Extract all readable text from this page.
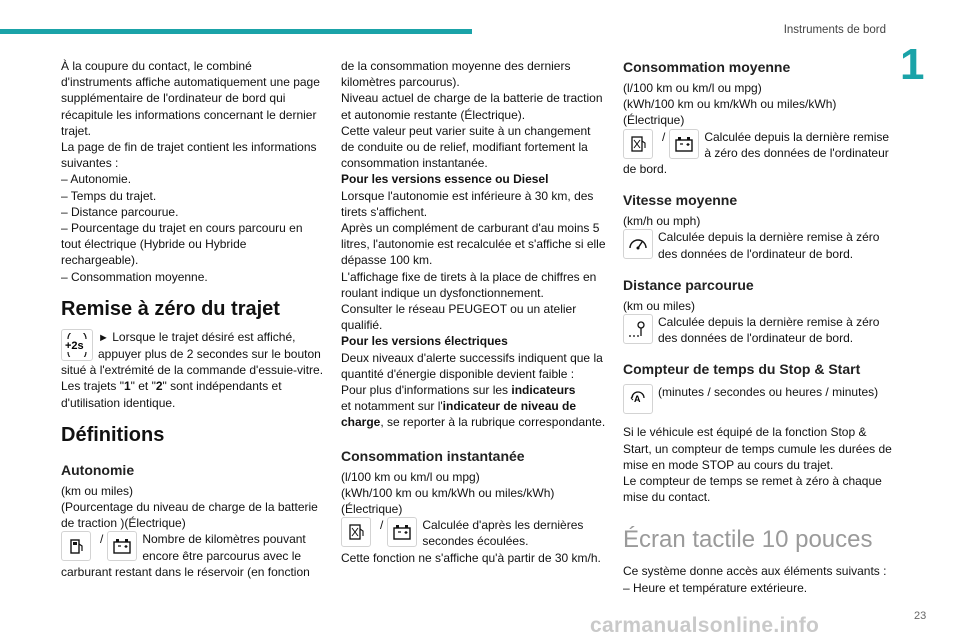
Instruments de bord
1

À la coupure du contact, le combiné d'instruments affiche automatiquement une page supplémentaire de l'ordinateur de bord qui récapitule les informations concernant le dernier trajet.

La page de fin de trajet contient les informations suivantes :

– Autonomie.

– Temps du trajet.

– Distance parcourue.

– Pourcentage du trajet en cours parcouru en tout électrique (Hybride ou Hybride rechargeable).

– Consommation moyenne.

Remise à zéro du trajet
+2s
► Lorsque le trajet désiré est affiché, appuyer plus de 2 secondes sur le bouton situé à l'extrémité de la commande d'essuie-vitre.

Les trajets "1" et "2" sont indépendants et d'utilisation identique.

Définitions
Autonomie

(km ou miles)

(Pourcentage du niveau de charge de la batterie de traction )(Électrique)

/	Nombre de kilomètres pouvant encore être parcourus avec le carburant restant dans le réservoir (en fonction

de la consommation moyenne des derniers kilomètres parcourus).

Niveau actuel de charge de la batterie de traction et autonomie restante (Électrique).

Cette valeur peut varier suite à un changement de conduite ou de relief, modifiant fortement la consommation instantanée.

Pour les versions essence ou Diesel

Lorsque l'autonomie est inférieure à 30 km, des tirets s'affichent.

Après un complément de carburant d'au moins 5 litres, l'autonomie est recalculée et s'affiche si elle dépasse 100 km.

L'affichage fixe de tirets à la place de chiffres en roulant indique un dysfonctionnement.

Consulter le réseau PEUGEOT ou un atelier qualifié.

Pour les versions électriques

Deux niveaux d'alerte successifs indiquent que la quantité d'énergie disponible devient faible :

Pour plus d'informations sur les indicateurs
et notamment sur l'indicateur de niveau de charge, se reporter à la rubrique correspondante.

Consommation instantanée

(l/100 km ou km/l ou mpg)

(kWh/100 km ou km/kWh ou miles/kWh)

(Électrique)

/	Calculée d'après les dernières secondes écoulées.

Cette fonction ne s'affiche qu'à partir de 30 km/h.

Consommation moyenne

(l/100 km ou km/l ou mpg)

(kWh/100 km ou km/kWh ou miles/kWh)

(Électrique)

/	Calculée depuis la dernière remise à zéro des données de l'ordinateur de bord.
Vitesse moyenne

(km/h ou mph)

Calculée depuis la dernière remise à zéro des données de l'ordinateur de bord.
Distance parcourue

(km ou miles)

Calculée depuis la dernière remise à zéro des données de l'ordinateur de bord.
Compteur de temps du Stop & Start
A (minutes / secondes ou heures / minutes)

Si le véhicule est équipé de la fonction Stop & Start, un compteur de temps cumule les durées de mise en mode STOP au cours du trajet.

Le compteur de temps se remet à zéro à chaque mise du contact.

Écran tactile 10 pouces

Ce système donne accès aux éléments suivants :

– Heure et température extérieure.

carmanualsonline.info	23
